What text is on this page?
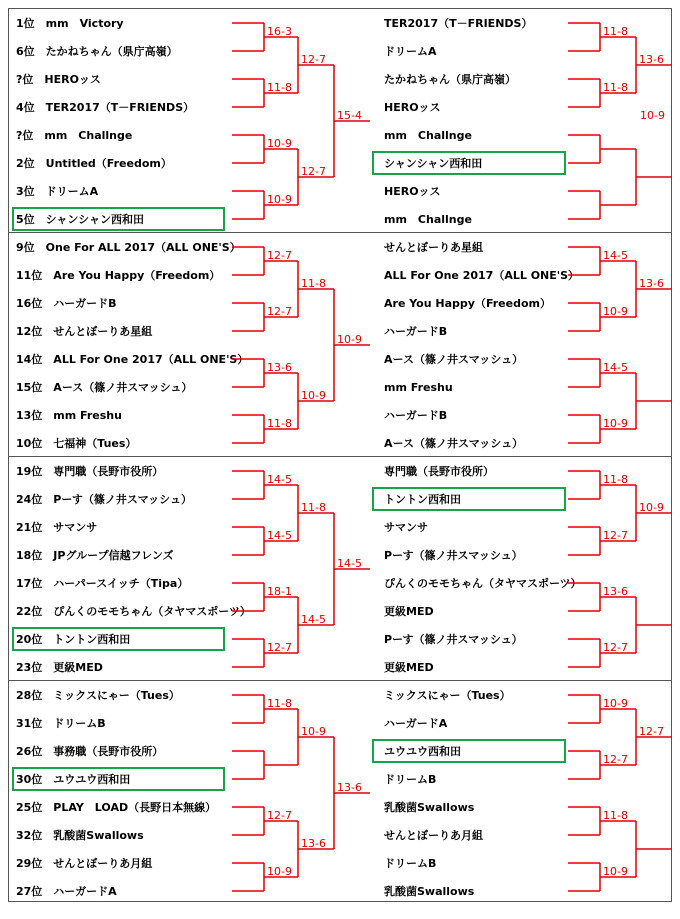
1位　mm　Victory
6位　たかねちゃん（県庁高嶺）
?位　HEROッス
4位　TER2017（T－FRIENDS）
?位　mm　Challnge
2位　Untitled（Freedom）
3位　ドリームA
5位　シャンシャン西和田
16-3
11-8
10-9
10-9
12-7
12-7
15-4
TER2017（T－FRIENDS）
ドリームA
たかねちゃん（県庁高嶺）
HEROッス
mm　Challnge
シャンシャン西和田
HEROッス
mm　Challnge
11-8
11-8
13-6
10-9
9位　One For ALL 2017（ALL ONE'S）
11位　Are You Happy（Freedom）
16位　ハーガードB
12位　せんとぼーりあ星組
14位　ALL For One 2017（ALL ONE'S）
15位　Aース（篠ノ井スマッシュ）
13位　mm Freshu
10位　七福神（Tues）
12-7
12-7
13-6
11-8
11-8
10-9
10-9
せんとぼーりあ星組
ALL For One 2017（ALL ONE'S）
Are You Happy（Freedom）
ハーガードB
Aース（篠ノ井スマッシュ）
mm Freshu
ハーガードB
Aース（篠ノ井スマッシュ）
14-5
10-9
14-5
10-9
13-6
19位　専門職（長野市役所）
24位　Pーす（篠ノ井スマッシュ）
21位　サマンサ
18位　JPグループ信越フレンズ
17位　ハーパースイッチ（Tipa）
22位　ぴんくのモモちゃん（タヤマスポーツ）
20位　トントン西和田
23位　更級MED
14-5
14-5
18-1
12-7
11-8
14-5
14-5
専門職（長野市役所）
トントン西和田
サマンサ
Pーす（篠ノ井スマッシュ）
ぴんくのモモちゃん（タヤマスポーツ）
更級MED
Pーす（篠ノ井スマッシュ）
更級MED
11-8
12-7
13-6
12-7
10-9
28位　ミックスにゃー（Tues）
31位　ドリームB
26位　事務職（長野市役所）
30位　ユウユウ西和田
25位　PLAY　LOAD（長野日本無線）
32位　乳酸菌Swallows
29位　せんとぼーりあ月組
27位　ハーガードA
11-8
12-7
10-9
10-9
13-6
13-6
ミックスにゃー（Tues）
ハーガードA
ユウユウ西和田
ドリームB
乳酸菌Swallows
せんとぼーりあ月組
ドリームB
乳酸菌Swallows
10-9
12-7
11-8
10-9
12-7
